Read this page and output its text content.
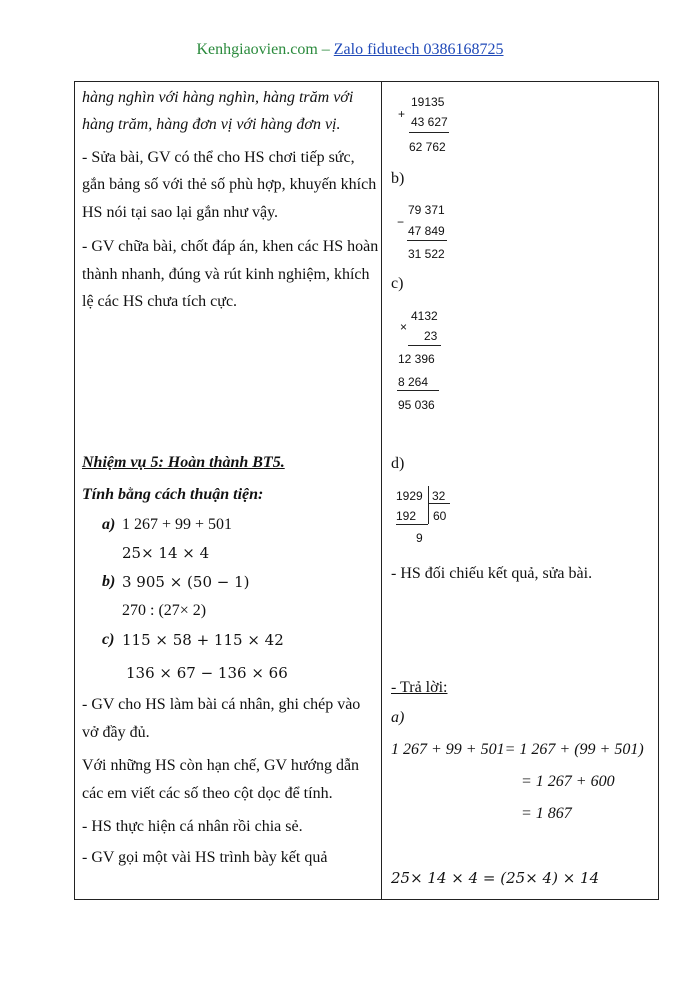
Kenhgiaovien.com – Zalo fidutech 0386168725
hàng nghìn với hàng nghìn, hàng trăm với
hàng trăm, hàng đơn vị với hàng đơn vị.
- Sửa bài, GV có thể cho HS chơi tiếp sức,
gắn bảng số với thẻ số phù hợp, khuyến khích
HS nói tại sao lại gắn như vậy.
- GV chữa bài, chốt đáp án, khen các HS hoàn
thành nhanh, đúng và rút kinh nghiệm, khích
lệ các HS chưa tích cực.
Nhiệm vụ 5: Hoàn thành BT5.
Tính bằng cách thuận tiện:
a) 1 267 + 99 + 501
25× 14 × 4
b) 3 905 × (50 − 1)
270 : (27× 2)
c) 115 × 58 + 115 × 42
136 × 67 − 136 × 66
- GV cho HS làm bài cá nhân, ghi chép vào
vở đầy đủ.
Với những HS còn hạn chế, GV hướng dẫn
các em viết các số theo cột dọc để tính.
- HS thực hiện cá nhân rồi chia sẻ.
- GV gọi một vài HS trình bày kết quả
+
19135
43 627
62 762
b)
−
79 371
47 849
31 522
c)
×
4132
23
12 396
8 264
95 036
d)
1929 32
192 60
9
- HS đối chiếu kết quả, sửa bài.
- Trả lời:
a)
1 267 + 99 + 501= 1 267 + (99 + 501)
= 1 267 + 600
= 1 867
25× 14 × 4 = (25× 4) × 14
